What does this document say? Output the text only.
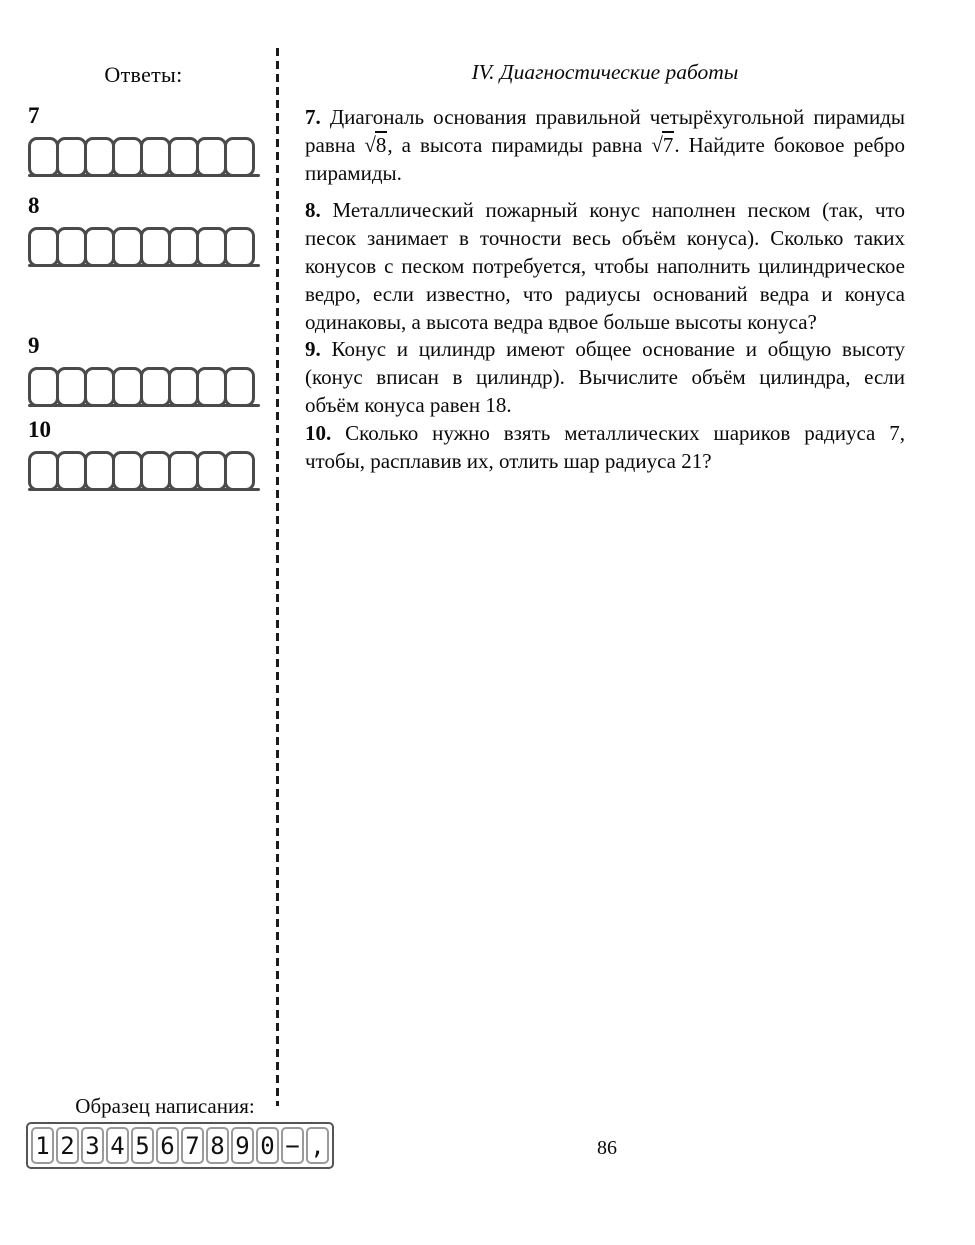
Ответы:
7
8
9
10
IV. Диагностические работы

7. Диагональ основания правильной четырёхугольной пирамиды равна √8, а высота пирамиды равна √7. Найдите боковое ребро пирамиды.

8. Металлический пожарный конус наполнен песком (так, что песок занимает в точности весь объём конуса). Сколько таких конусов с песком потребуется, чтобы наполнить цилиндрическое ведро, если известно, что радиусы оснований ведра и конуса одинаковы, а высота ведра вдвое больше высоты конуса?

9. Конус и цилиндр имеют общее основание и общую высоту (конус вписан в цилиндр). Вычислите объём цилиндра, если объём конуса равен 18.

10. Сколько нужно взять металлических шариков радиуса 7, чтобы, расплавив их, отлить шар радиуса 21?

Образец написания:
1 2 3 4 5 6 7 8 9 0 − ,	86
